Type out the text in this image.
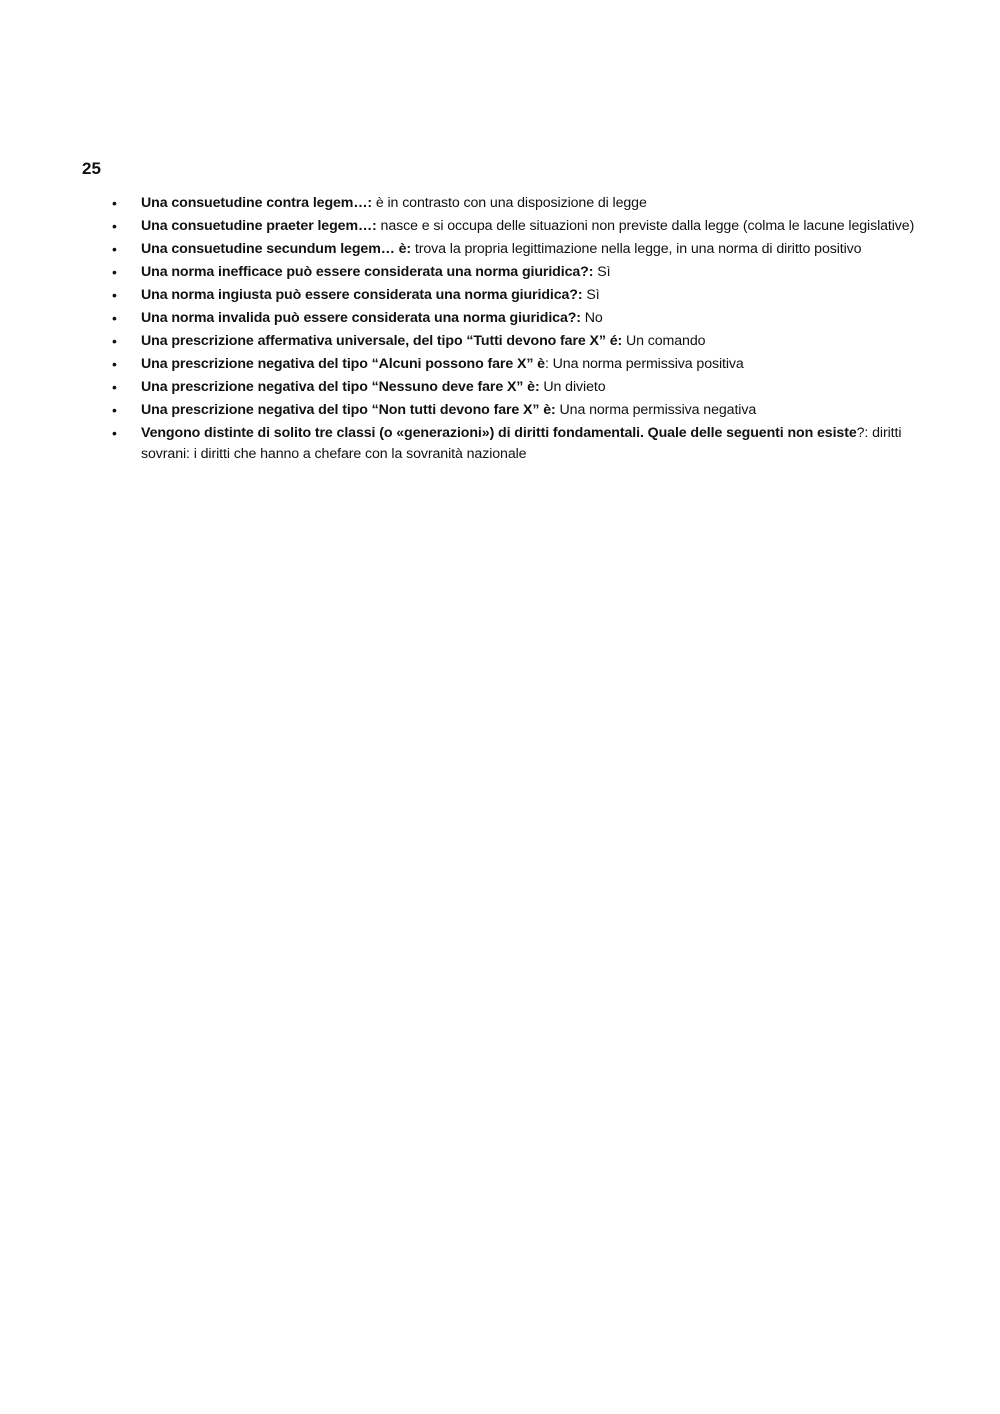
25

•	Una consuetudine contra legem…: è in contrasto con una disposizione di legge
•	Una consuetudine praeter legem…: nasce e si occupa delle situazioni non previste dalla legge (colma le lacune legislative)
•	Una consuetudine secundum legem… è: trova la propria legittimazione nella legge, in una norma di diritto positivo
•	Una norma inefficace può essere considerata una norma giuridica?: Sì
•	Una norma ingiusta può essere considerata una norma giuridica?: Sì
•	Una norma invalida può essere considerata una norma giuridica?: No
•	Una prescrizione affermativa universale, del tipo “Tutti devono fare X” é: Un comando
•	Una prescrizione negativa del tipo “Alcuni possono fare X” è: Una norma permissiva positiva
•	Una prescrizione negativa del tipo “Nessuno deve fare X” è: Un divieto
•	Una prescrizione negativa del tipo “Non tutti devono fare X” è: Una norma permissiva negativa
•	Vengono distinte di solito tre classi (o «generazioni») di diritti fondamentali. Quale delle seguenti non esiste?: diritti sovrani: i diritti che hanno a chefare con la sovranità nazionale
